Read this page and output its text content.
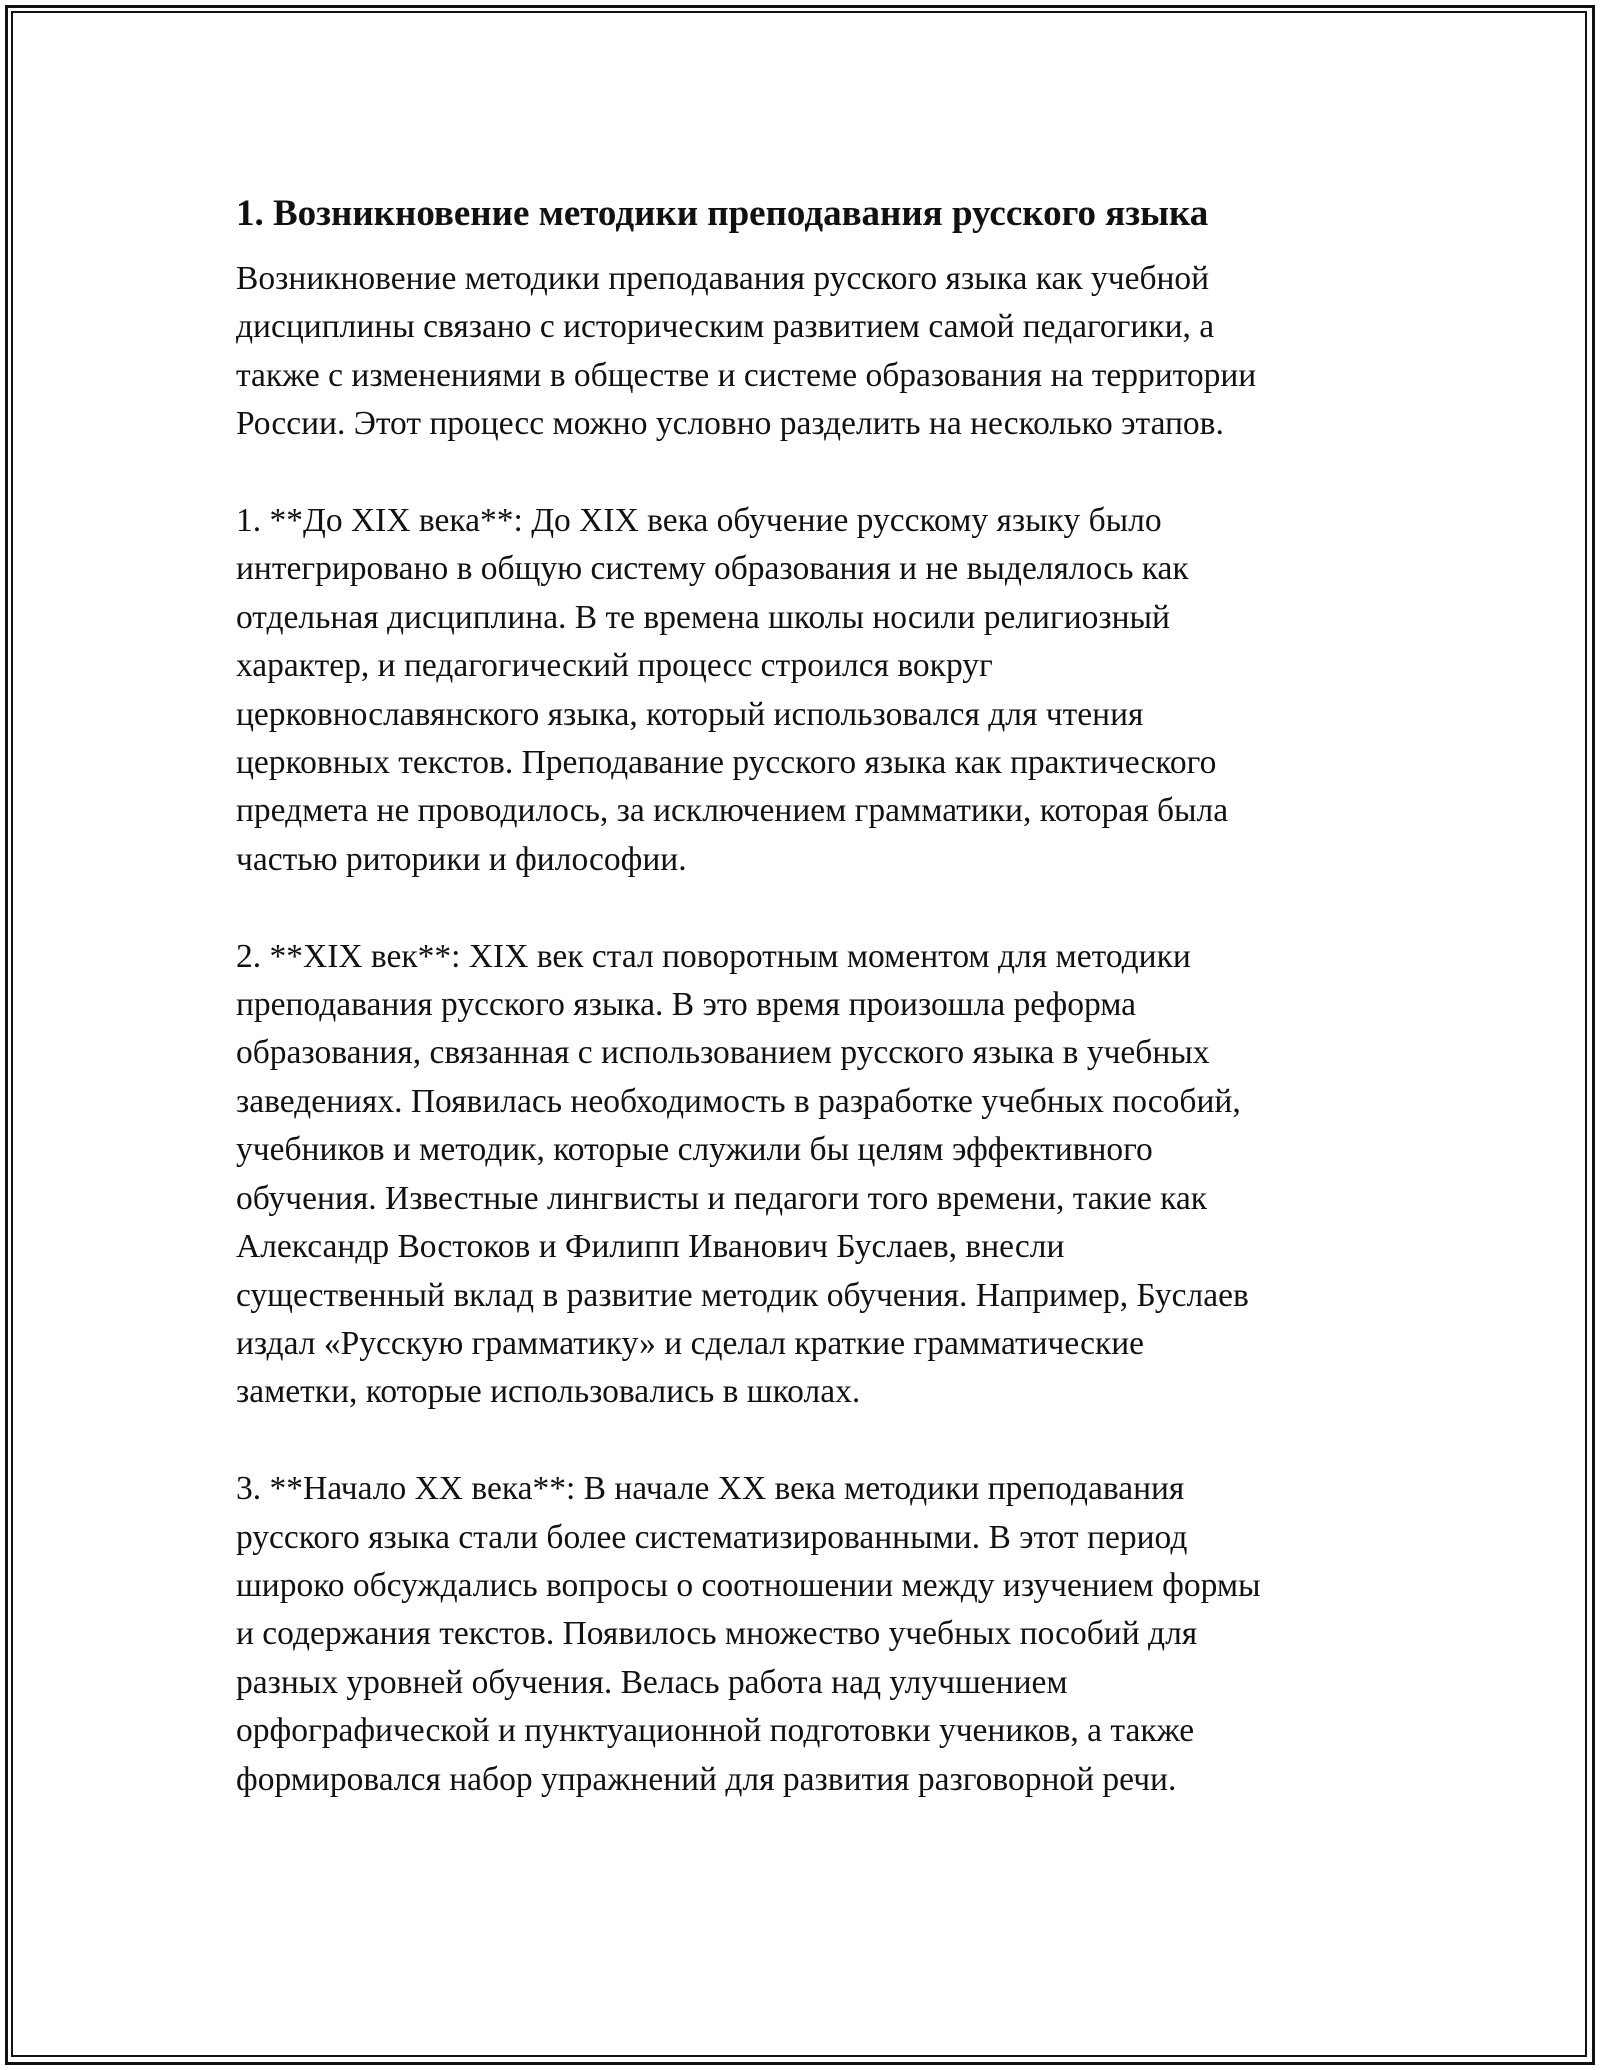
1. Возникновение методики преподавания русского языка

Возникновение методики преподавания русского языка как учебной
дисциплины связано с историческим развитием самой педагогики, а
также с изменениями в обществе и системе образования на территории
России. Этот процесс можно условно разделить на несколько этапов.

1. **До XIX века**: До XIX века обучение русскому языку было
интегрировано в общую систему образования и не выделялось как
отдельная дисциплина. В те времена школы носили религиозный
характер, и педагогический процесс строился вокруг
церковнославянского языка, который использовался для чтения
церковных текстов. Преподавание русского языка как практического
предмета не проводилось, за исключением грамматики, которая была
частью риторики и философии.

2. **XIX век**: XIX век стал поворотным моментом для методики
преподавания русского языка. В это время произошла реформа
образования, связанная с использованием русского языка в учебных
заведениях. Появилась необходимость в разработке учебных пособий,
учебников и методик, которые служили бы целям эффективного
обучения. Известные лингвисты и педагоги того времени, такие как
Александр Востоков и Филипп Иванович Буслаев, внесли
существенный вклад в развитие методик обучения. Например, Буслаев
издал «Русскую грамматику» и сделал краткие грамматические
заметки, которые использовались в школах.

3. **Начало XX века**: В начале XX века методики преподавания
русского языка стали более систематизированными. В этот период
широко обсуждались вопросы о соотношении между изучением формы
и содержания текстов. Появилось множество учебных пособий для
разных уровней обучения. Велась работа над улучшением
орфографической и пунктуационной подготовки учеников, а также
формировался набор упражнений для развития разговорной речи.
